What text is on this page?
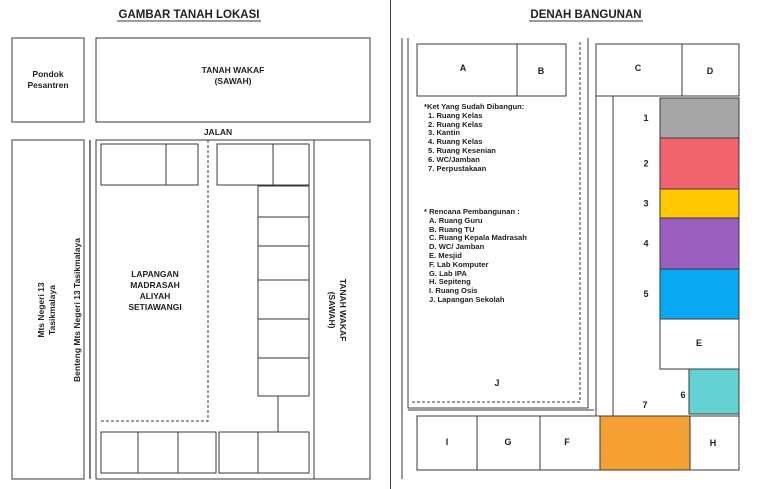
GAMBAR TANAH LOKASI	DENAH BANGUNAN
Pondok
Pesantren
TANAH WAKAF
(SAWAH)
JALAN
Mts Negeri 13 Tasikmalaya Benteng Mts Negeri 13 Tasikmalaya	LAPANGAN
MADRASAH
ALIYAH
SETIAWANGI	TANAH WAKAF
(SAWAH)
A	B	C	D
E
6
7
I	G	F	H
J
1
2
3
4
5
*Ket Yang Sudah Dibangun:
1. Ruang Kelas
2. Ruang Kelas
3. Kantin
4. Ruang Kelas
5. Ruang Kesenian
6. WC/Jamban
7. Perpustakaan
* Rencana Pembangunan :
A. Ruang Guru
B. Ruang TU
C. Ruang Kepala Madrasah
D. WC/ Jamban
E. Mesjid
F. Lab Komputer
G. Lab IPA
H. Sepiteng
I. Ruang Osis
J. Lapangan Sekolah
